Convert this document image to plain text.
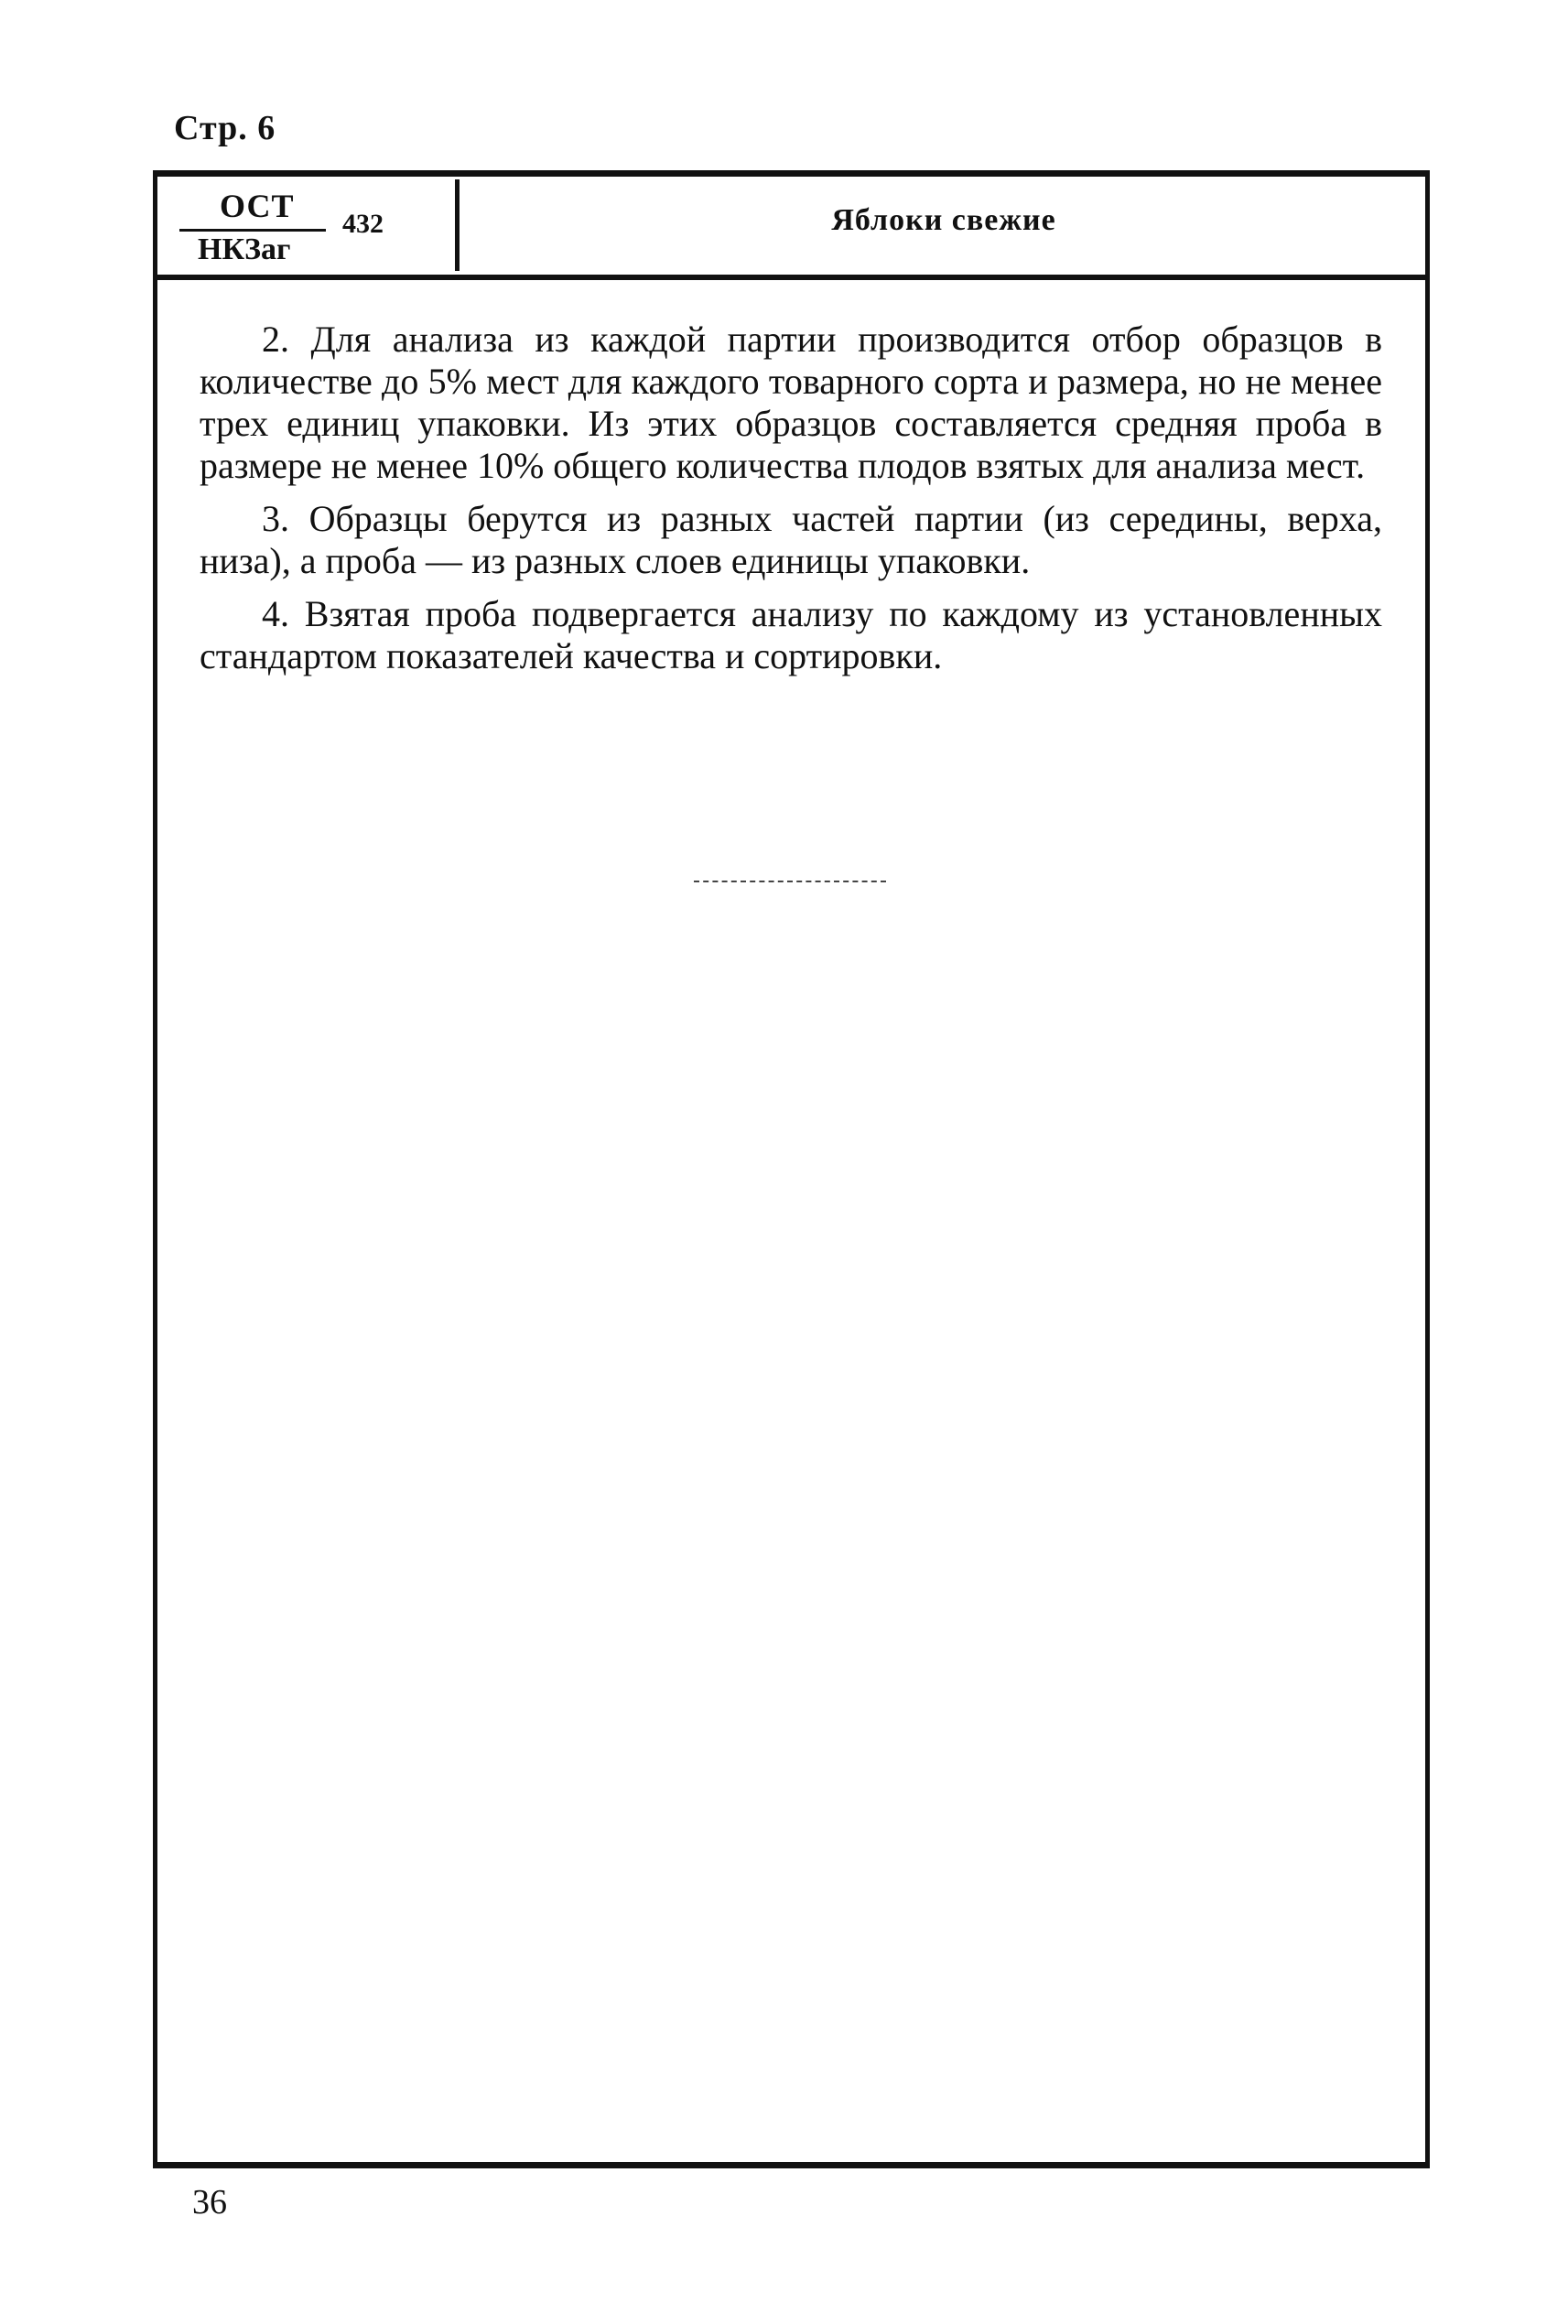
Стр. 6
ОСТ
НКЗаг
432	Яблоки свежие

2. Для анализа из каждой партии производится отбор образцов в количестве до 5% мест для каждого товарного сорта и размера, но не менее трех единиц упаковки. Из этих образцов составляется средняя проба в размере не менее 10% общего количества плодов взятых для анализа мест.

3. Образцы берутся из разных частей партии (из середины, верха, низа), а проба — из разных слоев единицы упаковки.

4. Взятая проба подвергается анализу по каждому из установленных стандартом показателей качества и сортировки.

36
